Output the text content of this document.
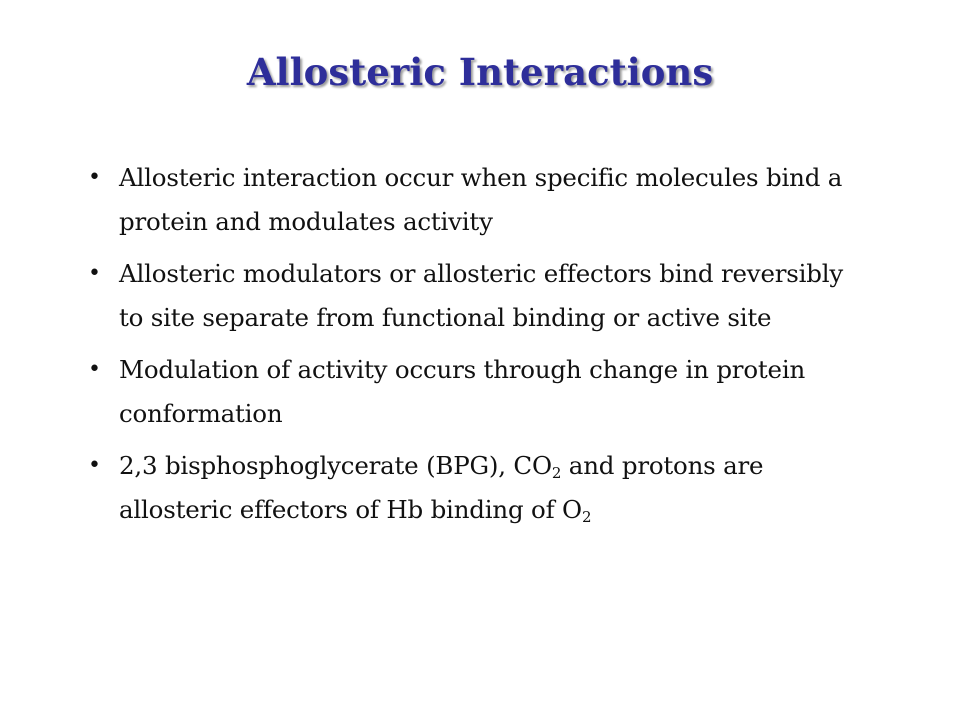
Allosteric Interactions
• Allosteric interaction occur when specific molecules bind a protein and modulates activity
• Allosteric modulators or allosteric effectors bind reversibly to site separate from functional binding or active site
• Modulation of activity occurs through change in protein conformation
• 2,3 bisphosphoglycerate (BPG), $CO_2$ and protons are allosteric effectors of Hb binding of $O_2$
